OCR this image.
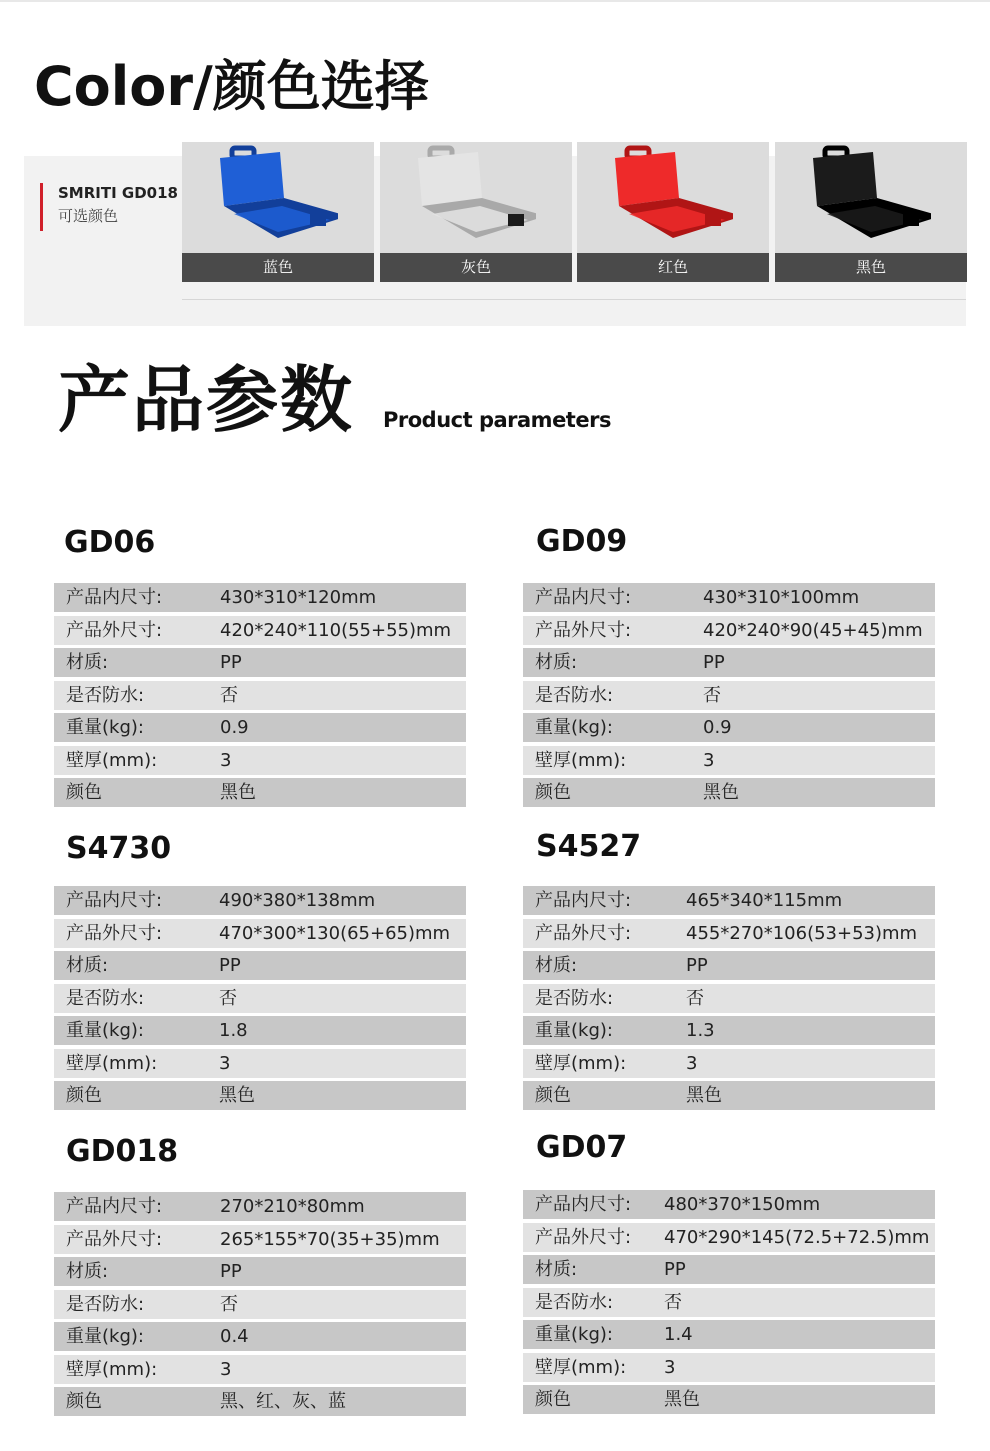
Color/颜色选择
SMRITI GD018
可选颜色
蓝色	灰色	红色	黑色
产品参数 Product parameters
GD06
产品内尺寸:	430*310*120mm
产品外尺寸:	420*240*110(55+55)mm
材质:	PP
是否防水:	否
重量(kg):	0.9
壁厚(mm):	3
颜色	黑色
GD09
产品内尺寸:	430*310*100mm
产品外尺寸:	420*240*90(45+45)mm
材质:	PP
是否防水:	否
重量(kg):	0.9
壁厚(mm):	3
颜色	黑色
S4730
产品内尺寸:	490*380*138mm
产品外尺寸:	470*300*130(65+65)mm
材质:	PP
是否防水:	否
重量(kg):	1.8
壁厚(mm):	3
颜色	黑色
S4527
产品内尺寸:	465*340*115mm
产品外尺寸:	455*270*106(53+53)mm
材质:	PP
是否防水:	否
重量(kg):	1.3
壁厚(mm):	3
颜色	黑色
GD018
产品内尺寸:	270*210*80mm
产品外尺寸:	265*155*70(35+35)mm
材质:	PP
是否防水:	否
重量(kg):	0.4
壁厚(mm):	3
颜色	黑、红、灰、蓝
GD07
产品内尺寸: 480*370*150mm
产品外尺寸: 470*290*145(72.5+72.5)mm
材质:	PP
是否防水:	否
重量(kg):	1.4
壁厚(mm): 3
颜色	黑色
